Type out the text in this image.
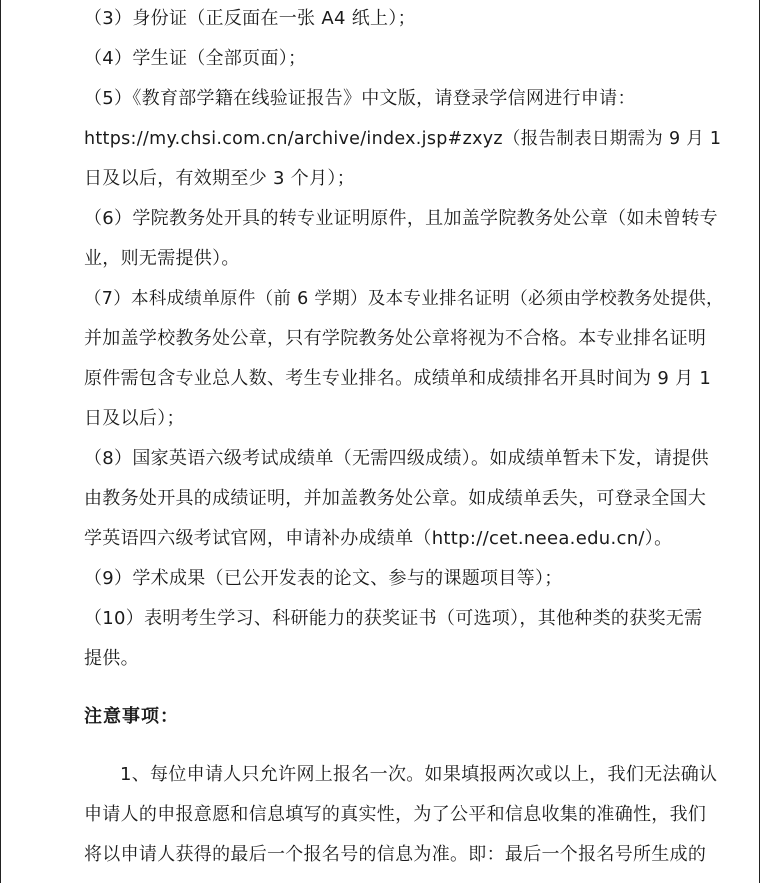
（3）身份证（正反面在一张 A4 纸上）；
（4）学生证（全部页面）；
（5）《教育部学籍在线验证报告》中文版，请登录学信网进行申请：
https://my.chsi.com.cn/archive/index.jsp#zxyz（报告制表日期需为 9 月 1
日及以后，有效期至少 3 个月）；
（6）学院教务处开具的转专业证明原件，且加盖学院教务处公章（如未曾转专
业，则无需提供）。
（7）本科成绩单原件（前 6 学期）及本专业排名证明（必须由学校教务处提供，
并加盖学校教务处公章，只有学院教务处公章将视为不合格。本专业排名证明
原件需包含专业总人数、考生专业排名。成绩单和成绩排名开具时间为 9 月 1
日及以后）；
（8）国家英语六级考试成绩单（无需四级成绩）。如成绩单暂未下发，请提供
由教务处开具的成绩证明，并加盖教务处公章。如成绩单丢失，可登录全国大
学英语四六级考试官网，申请补办成绩单（http://cet.neea.edu.cn/）。
（9）学术成果（已公开发表的论文、参与的课题项目等）；
（10）表明考生学习、科研能力的获奖证书（可选项），其他种类的获奖无需
提供。
注意事项：
1、每位申请人只允许网上报名一次。如果填报两次或以上，我们无法确认
申请人的申报意愿和信息填写的真实性，为了公平和信息收集的准确性，我们
将以申请人获得的最后一个报名号的信息为准。即：最后一个报名号所生成的
